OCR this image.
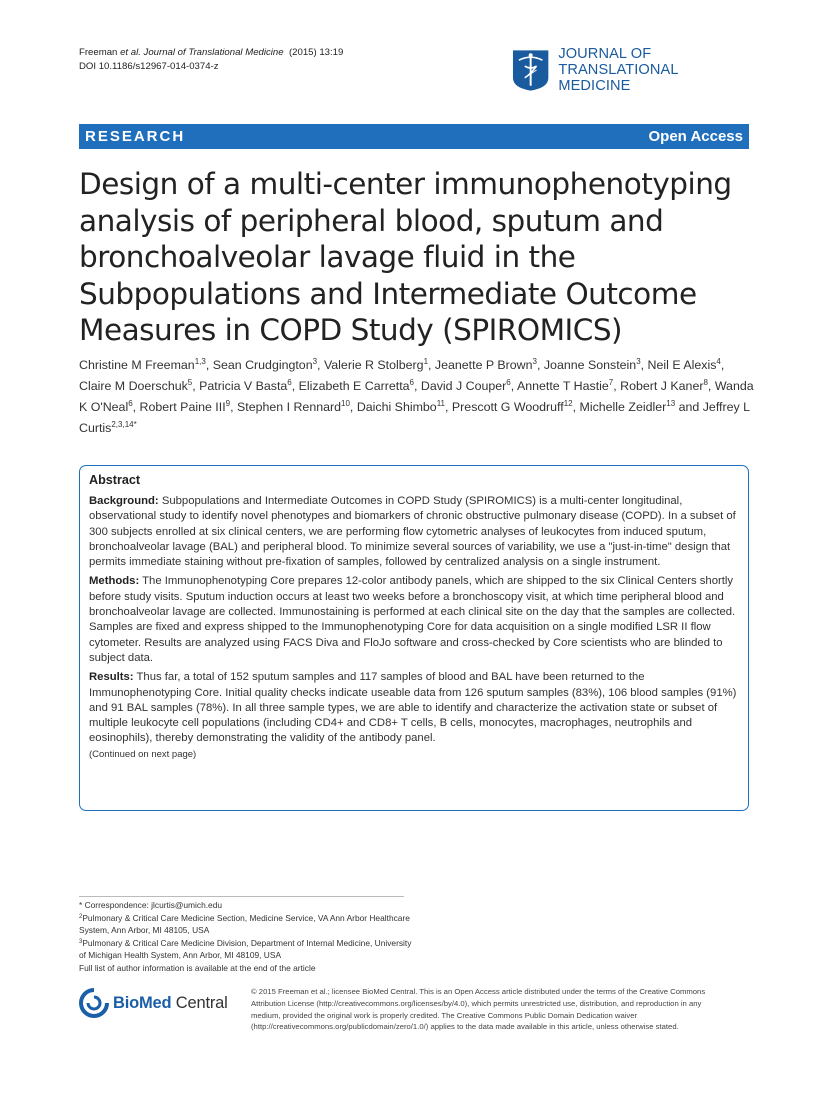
Freeman et al. Journal of Translational Medicine (2015) 13:19
DOI 10.1186/s12967-014-0374-z
JOURNAL OF
TRANSLATIONAL MEDICINE
RESEARCH	Open Access
Design of a multi-center immunophenotyping analysis of peripheral blood, sputum and bronchoalveolar lavage fluid in the Subpopulations and Intermediate Outcome Measures in COPD Study (SPIROMICS)
Christine M Freeman$^{1,3}$, Sean Crudgington$^3$, Valerie R Stolberg$^1$, Jeanette P Brown$^3$, Joanne Sonstein$^3$, Neil E Alexis$^4$, Claire M Doerschuk$^5$, Patricia V Basta$^6$, Elizabeth E Carretta$^6$, David J Couper$^6$, Annette T Hastie$^7$, Robert J Kaner$^8$, Wanda K O'Neal$^6$, Robert Paine III$^9$, Stephen I Rennard$^{10}$, Daichi Shimbo$^{11}$, Prescott G Woodruff$^{12}$, Michelle Zeidler$^{13}$ and Jeffrey L Curtis$^{2,3,14*}$
Abstract

Background: Subpopulations and Intermediate Outcomes in COPD Study (SPIROMICS) is a multi-center longitudinal, observational study to identify novel phenotypes and biomarkers of chronic obstructive pulmonary disease (COPD). In a subset of 300 subjects enrolled at six clinical centers, we are performing flow cytometric analyses of leukocytes from induced sputum, bronchoalveolar lavage (BAL) and peripheral blood. To minimize several sources of variability, we use a "just-in-time" design that permits immediate staining without pre-fixation of samples, followed by centralized analysis on a single instrument.

Methods: The Immunophenotyping Core prepares 12-color antibody panels, which are shipped to the six Clinical Centers shortly before study visits. Sputum induction occurs at least two weeks before a bronchoscopy visit, at which time peripheral blood and bronchoalveolar lavage are collected. Immunostaining is performed at each clinical site on the day that the samples are collected. Samples are fixed and express shipped to the Immunophenotyping Core for data acquisition on a single modified LSR II flow cytometer. Results are analyzed using FACS Diva and FloJo software and cross-checked by Core scientists who are blinded to subject data.

Results: Thus far, a total of 152 sputum samples and 117 samples of blood and BAL have been returned to the Immunophenotyping Core. Initial quality checks indicate useable data from 126 sputum samples (83%), 106 blood samples (91%) and 91 BAL samples (78%). In all three sample types, we are able to identify and characterize the activation state or subset of multiple leukocyte cell populations (including CD4+ and CD8+ T cells, B cells, monocytes, macrophages, neutrophils and eosinophils), thereby demonstrating the validity of the antibody panel.

(Continued on next page)
* Correspondence: jlcurtis@umich.edu
$^2$Pulmonary & Critical Care Medicine Section, Medicine Service, VA Ann Arbor Healthcare System, Ann Arbor, MI 48105, USA
$^3$Pulmonary & Critical Care Medicine Division, Department of Internal Medicine, University of Michigan Health System, Ann Arbor, MI 48109, USA
Full list of author information is available at the end of the article
BioMed Central
© 2015 Freeman et al.; licensee BioMed Central. This is an Open Access article distributed under the terms of the Creative Commons Attribution License (http://creativecommons.org/licenses/by/4.0), which permits unrestricted use, distribution, and reproduction in any medium, provided the original work is properly credited. The Creative Commons Public Domain Dedication waiver (http://creativecommons.org/publicdomain/zero/1.0/) applies to the data made available in this article, unless otherwise stated.
